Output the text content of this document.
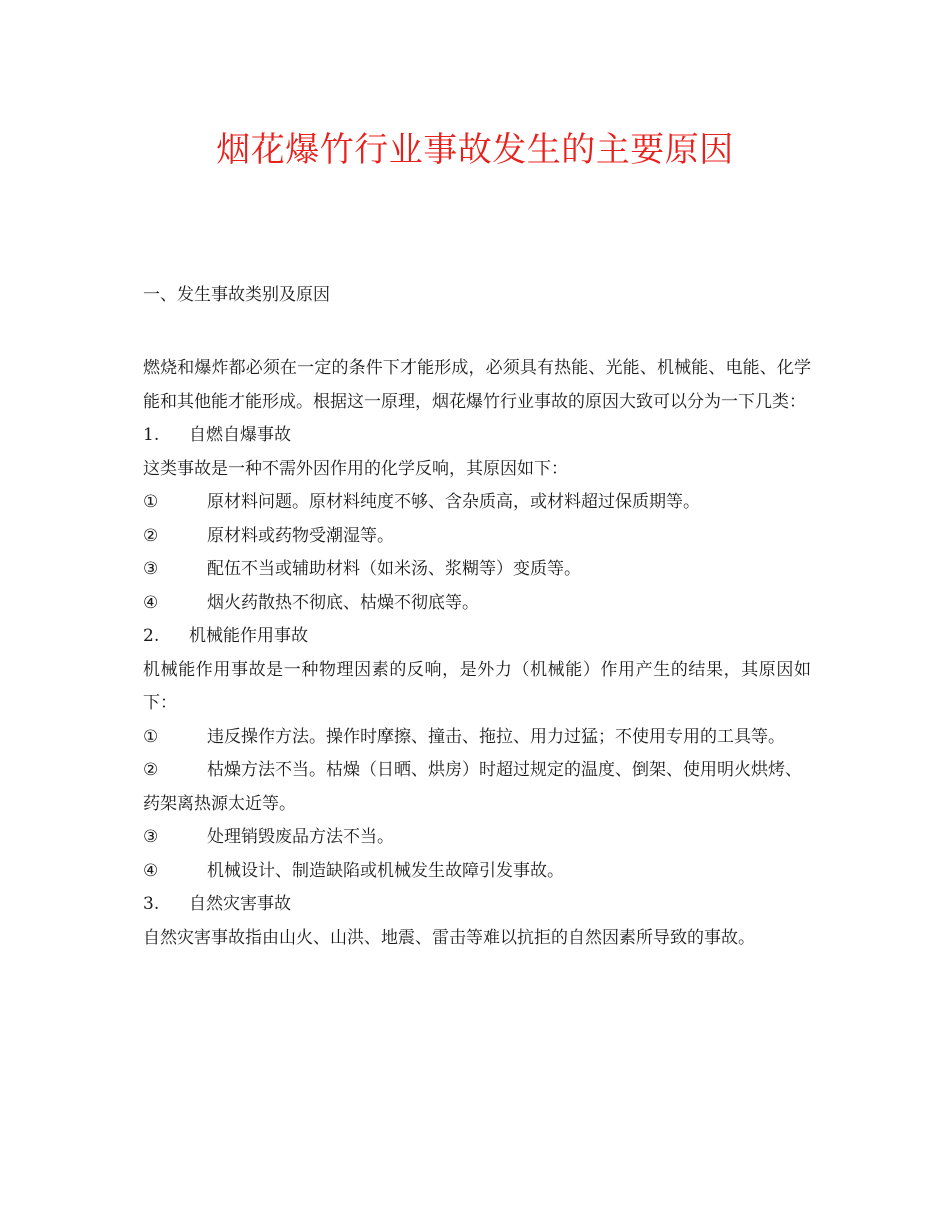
烟花爆竹行业事故发生的主要原因
一、发生事故类别及原因

燃烧和爆炸都必须在一定的条件下才能形成，必须具有热能、光能、机械能、电能、化学能和其他能才能形成。根据这一原理，烟花爆竹行业事故的原因大致可以分为一下几类：

1.	自燃自爆事故

这类事故是一种不需外因作用的化学反响，其原因如下：

①	原材料问题。原材料纯度不够、含杂质高，或材料超过保质期等。

②	原材料或药物受潮湿等。

③	配伍不当或辅助材料（如米汤、浆糊等）变质等。

④	烟火药散热不彻底、枯燥不彻底等。

2.	机械能作用事故

机械能作用事故是一种物理因素的反响，是外力（机械能）作用产生的结果，其原因如下：

①	违反操作方法。操作时摩擦、撞击、拖拉、用力过猛；不使用专用的工具等。

②	枯燥方法不当。枯燥（日晒、烘房）时超过规定的温度、倒架、使用明火烘烤、药架离热源太近等。

③	处理销毁废品方法不当。

④	机械设计、制造缺陷或机械发生故障引发事故。

3.	自然灾害事故

自然灾害事故指由山火、山洪、地震、雷击等难以抗拒的自然因素所导致的事故。
